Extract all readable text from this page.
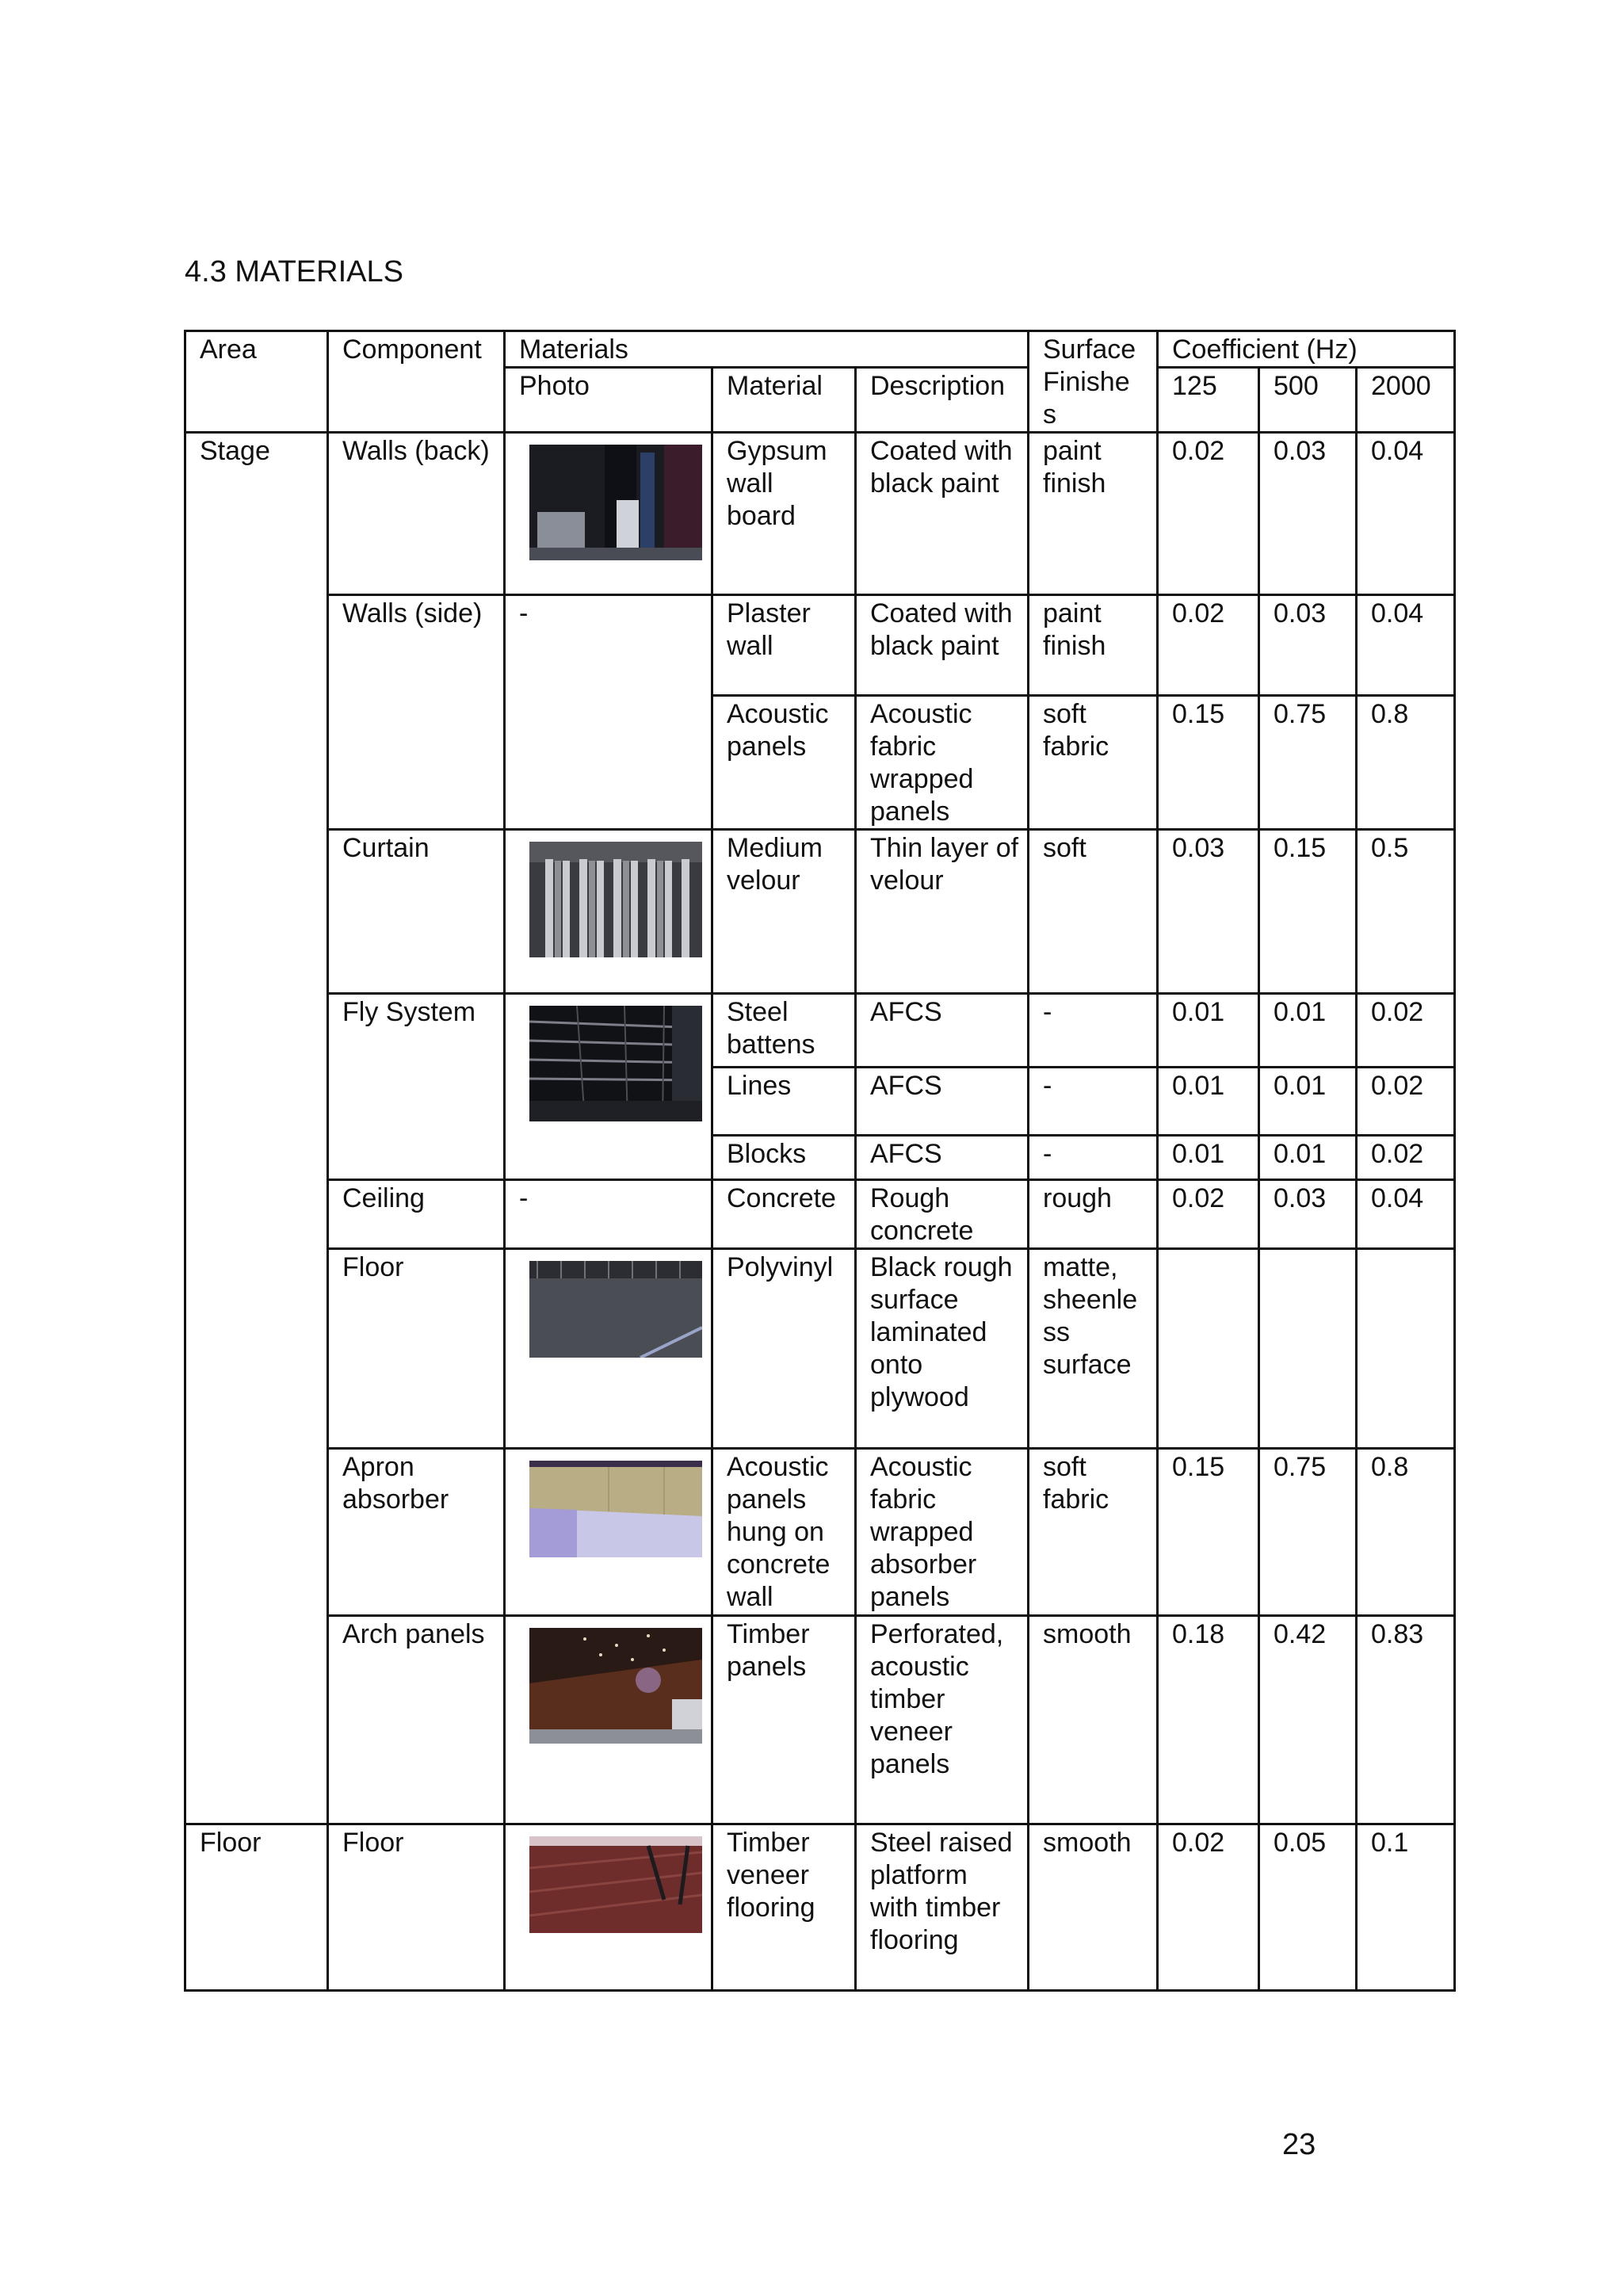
4.3 MATERIALS
Area	Component	Materials			Surface Finishe s	Coefficient (Hz)		
		Photo	Material	Description		125	500	2000
Stage	Walls (back)		Gypsum wall board	Coated with black paint	paint finish	0.02	0.03	0.04
	Walls (side)	-	Plaster wall	Coated with black paint	paint finish	0.02	0.03	0.04
			Acoustic panels	Acoustic fabric wrapped panels	soft fabric	0.15	0.75	0.8
	Curtain		Medium velour	Thin layer of velour	soft	0.03	0.15	0.5
	Fly System		Steel battens	AFCS	-	0.01	0.01	0.02
			Lines	AFCS	-	0.01	0.01	0.02
			Blocks	AFCS	-	0.01	0.01	0.02
	Ceiling	-	Concrete	Rough concrete	rough	0.02	0.03	0.04
	Floor		Polyvinyl	Black rough surface laminated onto plywood	matte, sheenle ss surface			
	Apron absorber		Acoustic panels hung on concrete wall	Acoustic fabric wrapped absorber panels	soft fabric	0.15	0.75	0.8
	Arch panels		Timber panels	Perforated, acoustic timber veneer panels	smooth	0.18	0.42	0.83
Floor	Floor		Timber veneer flooring	Steel raised platform with timber flooring	smooth	0.02	0.05	0.1
23
